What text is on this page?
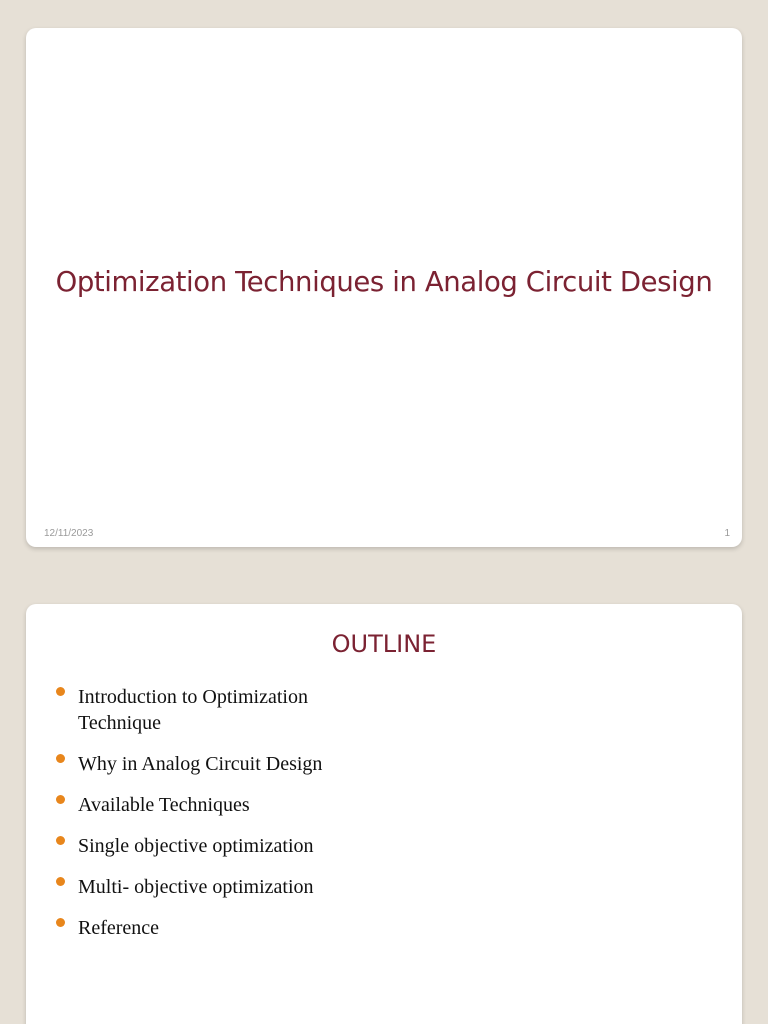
Optimization Techniques in Analog Circuit Design
12/11/2023	1
OUTLINE
Introduction to Optimization Technique
Why in Analog Circuit Design
Available Techniques
Single objective optimization
Multi- objective optimization
Reference
